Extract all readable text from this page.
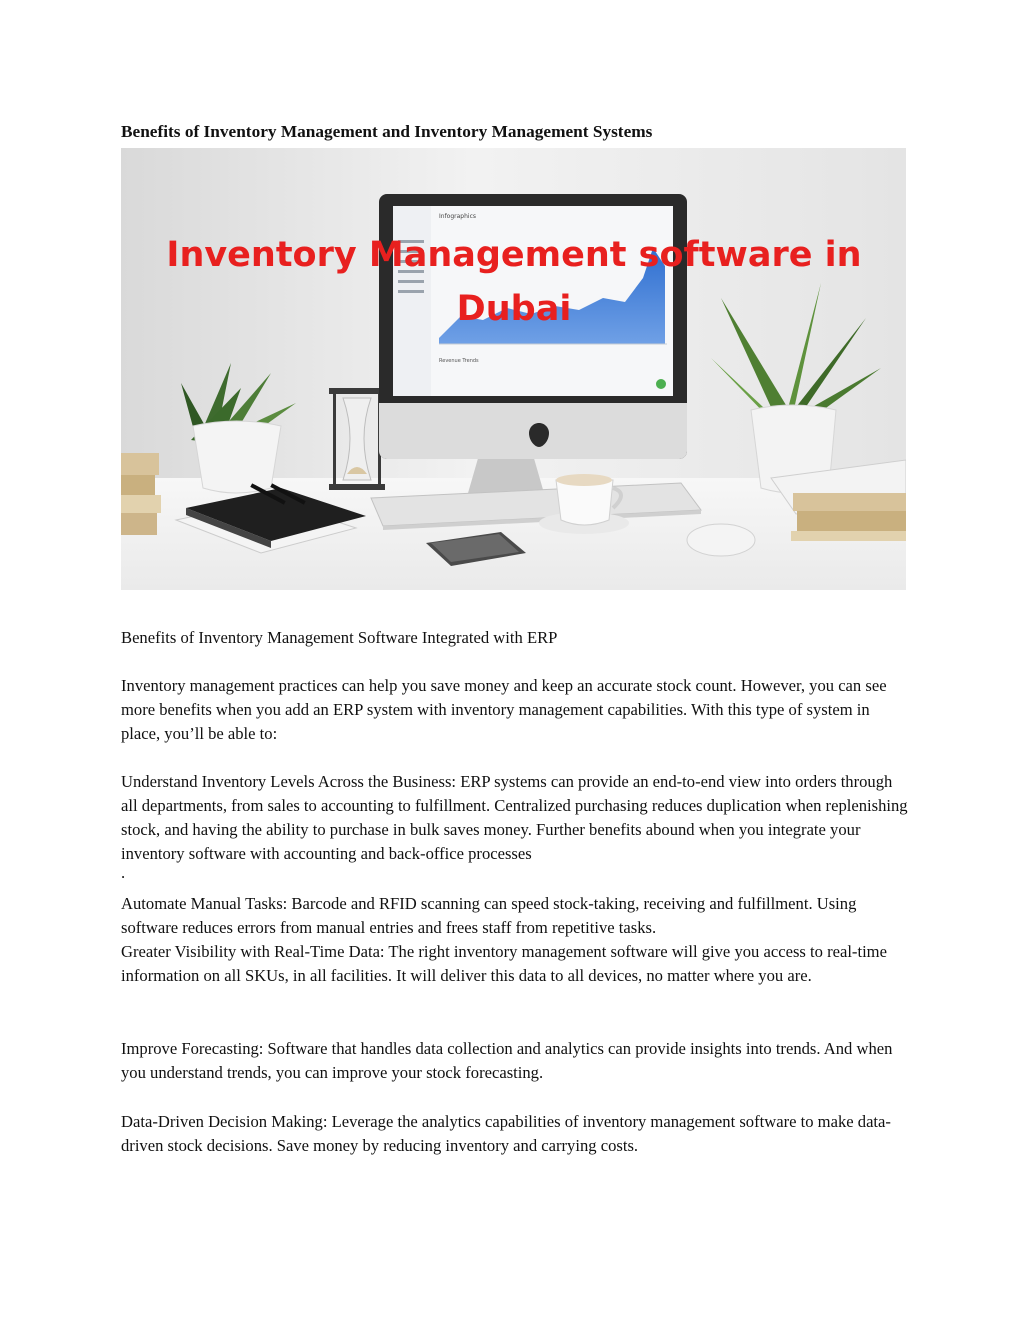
Benefits of Inventory Management and Inventory Management Systems
Infographics
Revenue Trends
Inventory Management software in
Dubai

Benefits of Inventory Management Software Integrated with ERP

Inventory management practices can help you save money and keep an accurate stock count. However, you can see more benefits when you add an ERP system with inventory management capabilities. With this type of system in place, you’ll be able to:

Understand Inventory Levels Across the Business: ERP systems can provide an end-to-end view into orders through all departments, from sales to accounting to fulfillment. Centralized purchasing reduces duplication when replenishing stock, and having the ability to purchase in bulk saves money. Further benefits abound when you integrate your inventory software with accounting and back-office processes

.

Automate Manual Tasks: Barcode and RFID scanning can speed stock-taking, receiving and fulfillment. Using software reduces errors from manual entries and frees staff from repetitive tasks.

Greater Visibility with Real-Time Data: The right inventory management software will give you access to real-time information on all SKUs, in all facilities. It will deliver this data to all devices, no matter where you are.

Improve Forecasting: Software that handles data collection and analytics can provide insights into trends. And when you understand trends, you can improve your stock forecasting.

Data-Driven Decision Making: Leverage the analytics capabilities of inventory management software to make data-driven stock decisions. Save money by reducing inventory and carrying costs.
